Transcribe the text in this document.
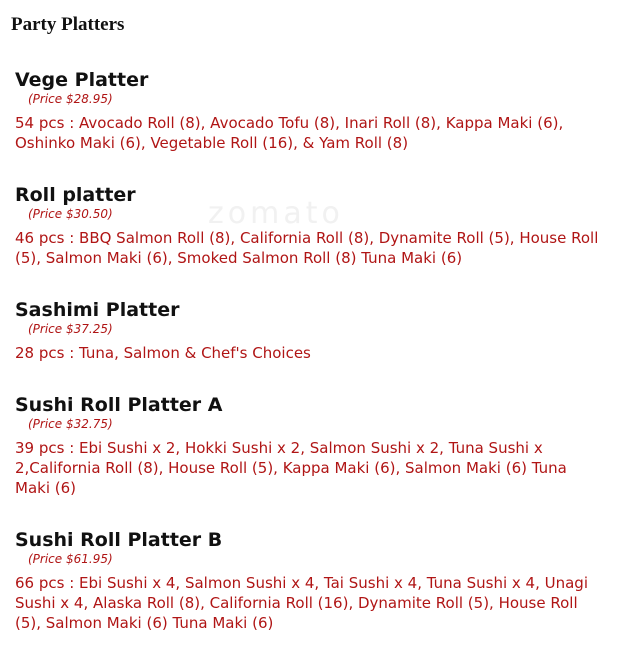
Party Platters
zomato
Vege Platter

(Price $28.95)

54 pcs : Avocado Roll (8), Avocado Tofu (8), Inari Roll (8), Kappa Maki (6), Oshinko Maki (6), Vegetable Roll (16), & Yam Roll (8)

Roll platter

(Price $30.50)

46 pcs : BBQ Salmon Roll (8), California Roll (8), Dynamite Roll (5), House Roll (5), Salmon Maki (6), Smoked Salmon Roll (8) Tuna Maki (6)

Sashimi Platter

(Price $37.25)

28 pcs : Tuna, Salmon & Chef's Choices

Sushi Roll Platter A

(Price $32.75)

39 pcs : Ebi Sushi x 2, Hokki Sushi x 2, Salmon Sushi x 2, Tuna Sushi x 2,California Roll (8), House Roll (5), Kappa Maki (6), Salmon Maki (6) Tuna Maki (6)

Sushi Roll Platter B

(Price $61.95)

66 pcs : Ebi Sushi x 4, Salmon Sushi x 4, Tai Sushi x 4, Tuna Sushi x 4, Unagi Sushi x 4, Alaska Roll (8), California Roll (16), Dynamite Roll (5), House Roll (5), Salmon Maki (6) Tuna Maki (6)
